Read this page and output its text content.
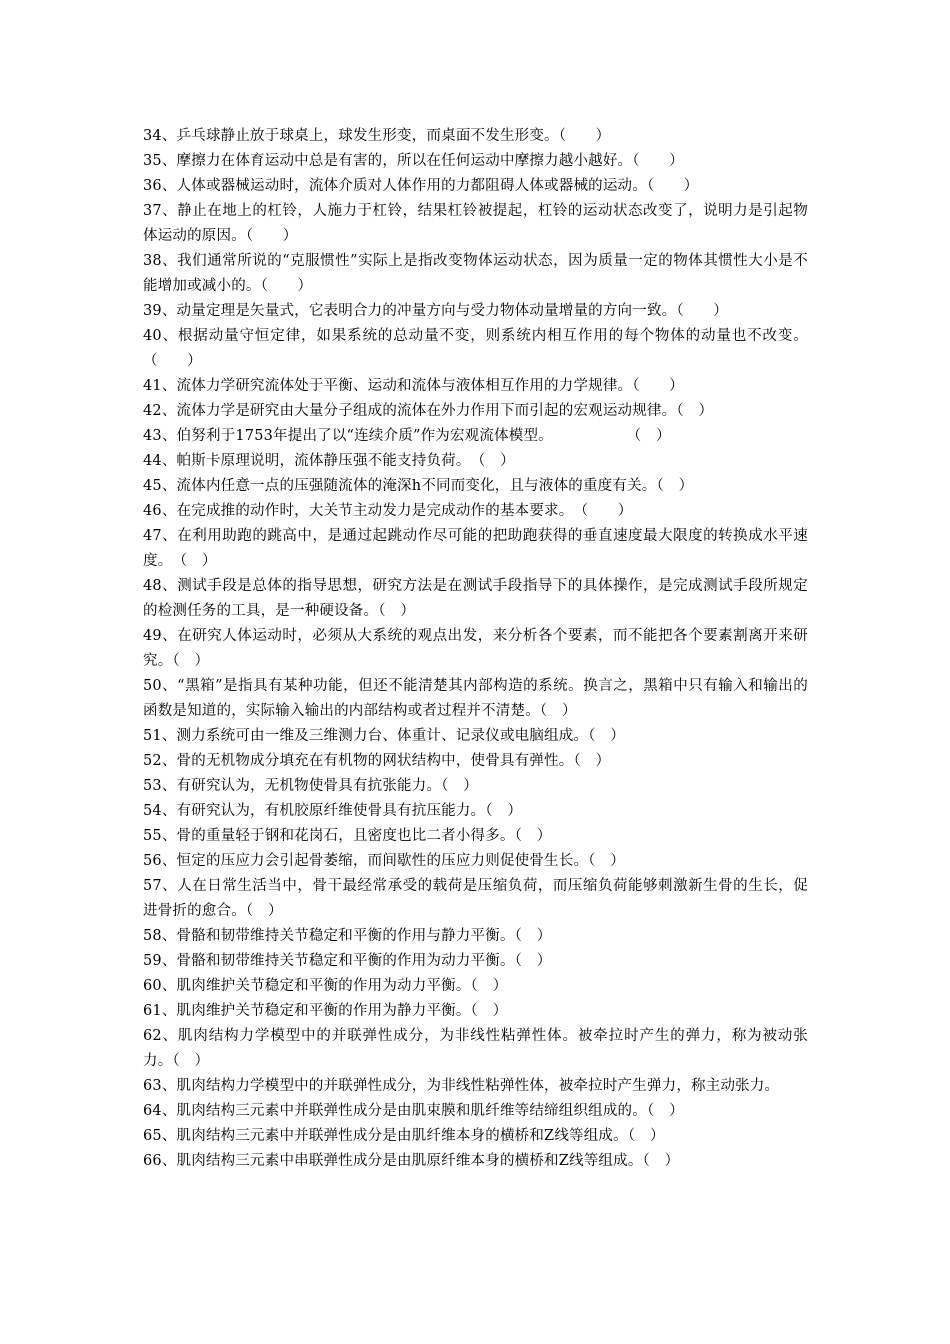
34、乒乓球静止放于球桌上，球发生形变，而桌面不发生形变。（　　）

35、摩擦力在体育运动中总是有害的，所以在任何运动中摩擦力越小越好。（　　）

36、人体或器械运动时，流体介质对人体作用的力都阻碍人体或器械的运动。（　　）

37、静止在地上的杠铃，人施力于杠铃，结果杠铃被提起，杠铃的运动状态改变了，说明力是引起物体运动的原因。（　　）

38、我们通常所说的“克服惯性”实际上是指改变物体运动状态，因为质量一定的物体其惯性大小是不能增加或减小的。（　　）

39、动量定理是矢量式，它表明合力的冲量方向与受力物体动量增量的方向一致。（　　）

40、根据动量守恒定律，如果系统的总动量不变，则系统内相互作用的每个物体的动量也不改变。（　　）

41、流体力学研究流体处于平衡、运动和流体与液体相互作用的力学规律。（　　）

42、流体力学是研究由大量分子组成的流体在外力作用下而引起的宏观运动规律。（　）

43、伯努利于1753年提出了以“连续介质”作为宏观流体模型。　　　　　　（　）

44、帕斯卡原理说明，流体静压强不能支持负荷。　（　）

45、流体内任意一点的压强随流体的淹深h不同而变化，且与液体的重度有关。（　）

46、在完成推的动作时，大关节主动发力是完成动作的基本要求。　（　　）

47、在利用助跑的跳高中，是通过起跳动作尽可能的把助跑获得的垂直速度最大限度的转换成水平速度。　（　）

48、测试手段是总体的指导思想，研究方法是在测试手段指导下的具体操作，是完成测试手段所规定的检测任务的工具，是一种硬设备。（　）

49、在研究人体运动时，必须从大系统的观点出发，来分析各个要素，而不能把各个要素割离开来研究。（　）

50、“黑箱”是指具有某种功能，但还不能清楚其内部构造的系统。换言之，黑箱中只有输入和输出的函数是知道的，实际输入输出的内部结构或者过程并不清楚。（　）

51、测力系统可由一维及三维测力台、体重计、记录仪或电脑组成。（　）

52、骨的无机物成分填充在有机物的网状结构中，使骨具有弹性。（　）

53、有研究认为，无机物使骨具有抗张能力。（　）

54、有研究认为，有机胶原纤维使骨具有抗压能力。（　）

55、骨的重量轻于钢和花岗石，且密度也比二者小得多。（　）

56、恒定的压应力会引起骨萎缩，而间歇性的压应力则促使骨生长。（　）

57、人在日常生活当中，骨干最经常承受的载荷是压缩负荷，而压缩负荷能够刺激新生骨的生长，促进骨折的愈合。（　）

58、骨骼和韧带维持关节稳定和平衡的作用与静力平衡。（　）

59、骨骼和韧带维持关节稳定和平衡的作用为动力平衡。（　）

60、肌肉维护关节稳定和平衡的作用为动力平衡。（　）

61、肌肉维护关节稳定和平衡的作用为静力平衡。（　）

62、肌肉结构力学模型中的并联弹性成分，为非线性粘弹性体。被牵拉时产生的弹力，称为被动张力。（　）

63、肌肉结构力学模型中的并联弹性成分，为非线性粘弹性体，被牵拉时产生弹力，称主动张力。

64、肌肉结构三元素中并联弹性成分是由肌束膜和肌纤维等结缔组织组成的。（　）

65、肌肉结构三元素中并联弹性成分是由肌纤维本身的横桥和Z线等组成。（　）

66、肌肉结构三元素中串联弹性成分是由肌原纤维本身的横桥和Z线等组成。（　）
